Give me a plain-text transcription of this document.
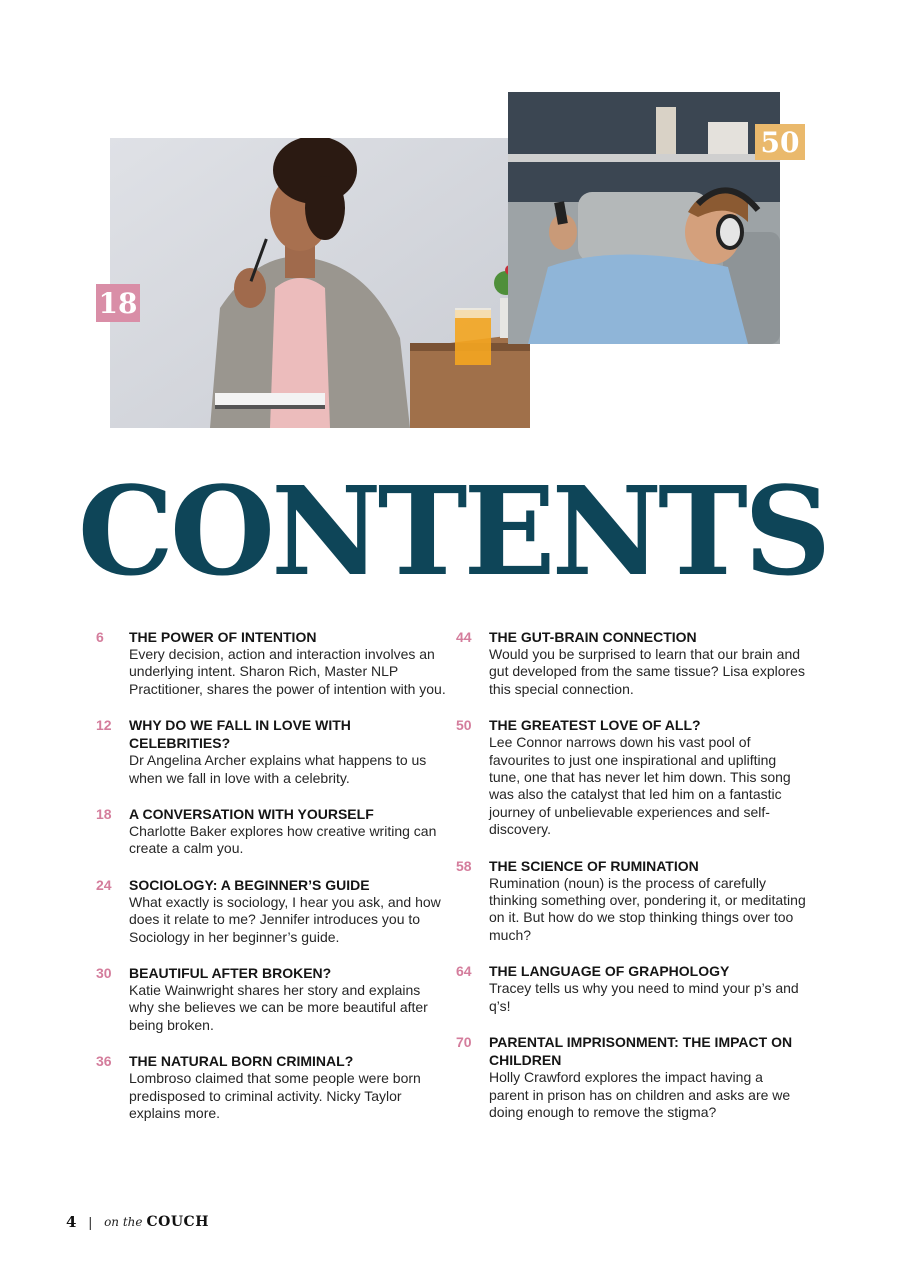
18
50
CONTENTS
6	THE POWER OF INTENTION
Every decision, action and interaction involves an underlying intent. Sharon Rich, Master NLP Practitioner, shares the power of intention with you.
12	WHY DO WE FALL IN LOVE WITH CELEBRITIES?
Dr Angelina Archer explains what happens to us when we fall in love with a celebrity.
18	A CONVERSATION WITH YOURSELF
Charlotte Baker explores how creative writing can create a calm you.
24	SOCIOLOGY: A BEGINNER’S GUIDE
What exactly is sociology, I hear you ask, and how does it relate to me? Jennifer introduces you to Sociology in her beginner’s guide.
30	BEAUTIFUL AFTER BROKEN?
Katie Wainwright shares her story and explains why she believes we can be more beautiful after being broken.
36	THE NATURAL BORN CRIMINAL?
Lombroso claimed that some people were born predisposed to criminal activity. Nicky Taylor explains more.
44	THE GUT-BRAIN CONNECTION
Would you be surprised to learn that our brain and gut developed from the same tissue? Lisa explores this special connection.
50	THE GREATEST LOVE OF ALL?
Lee Connor narrows down his vast pool of favourites to just one inspirational and uplifting tune, one that has never let him down. This song was also the catalyst that led him on a fantastic journey of unbelievable experiences and self-discovery.
58	THE SCIENCE OF RUMINATION
Rumination (noun) is the process of carefully thinking something over, pondering it, or meditating on it. But how do we stop thinking things over too much?
64	THE LANGUAGE OF GRAPHOLOGY
Tracey tells us why you need to mind your p’s and q’s!
70	PARENTAL IMPRISONMENT: THE IMPACT ON CHILDREN
Holly Crawford explores the impact having a parent in prison has on children and asks are we doing enough to remove the stigma?
4 | on the COUCH
